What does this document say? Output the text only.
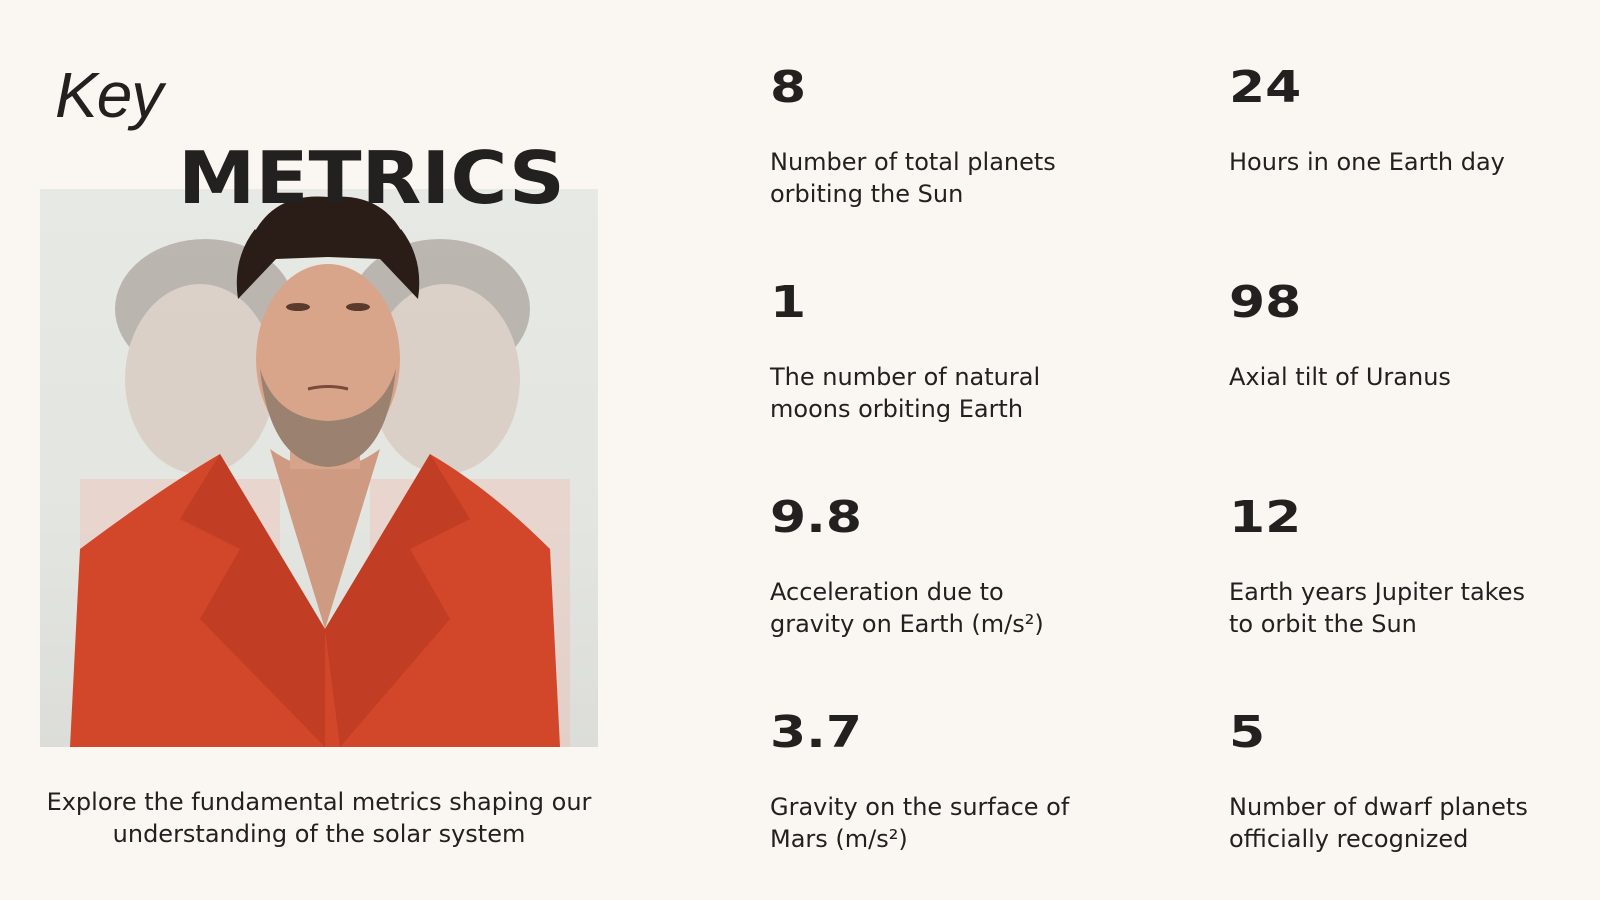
Key
METRICS
Explore the fundamental metrics shaping our understanding of the solar system
8
Number of total planets
orbiting the Sun
24
Hours in one Earth day
1
The number of natural
moons orbiting Earth
98
Axial tilt of Uranus
9.8
Acceleration due to
gravity on Earth (m/s²)
12
Earth years Jupiter takes
to orbit the Sun
3.7
Gravity on the surface of
Mars (m/s²)
5
Number of dwarf planets
officially recognized
